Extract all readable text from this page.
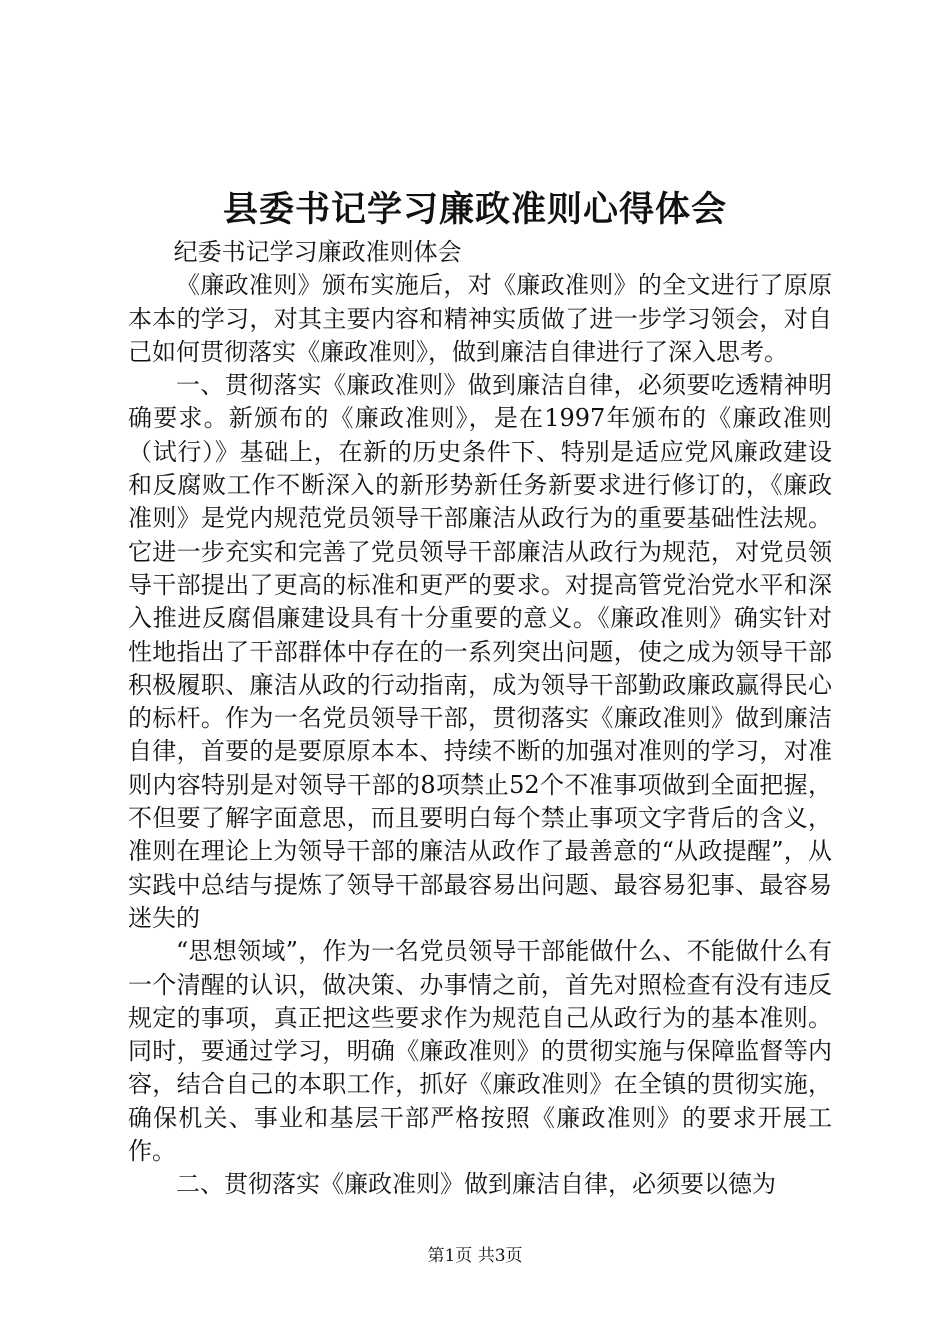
县委书记学习廉政准则心得体会

纪委书记学习廉政准则体会

《廉政准则》颁布实施后，对《廉政准则》的全文进行了原原本本的学习，对其主要内容和精神实质做了进一步学习领会，对自己如何贯彻落实《廉政准则》，做到廉洁自律进行了深入思考。

一、贯彻落实《廉政准则》做到廉洁自律，必须要吃透精神明确要求。新颁布的《廉政准则》，是在1997年颁布的《廉政准则（试行）》基础上，在新的历史条件下、特别是适应党风廉政建设和反腐败工作不断深入的新形势新任务新要求进行修订的，《廉政准则》是党内规范党员领导干部廉洁从政行为的重要基础性法规。它进一步充实和完善了党员领导干部廉洁从政行为规范，对党员领导干部提出了更高的标准和更严的要求。对提高管党治党水平和深入推进反腐倡廉建设具有十分重要的意义。《廉政准则》确实针对性地指出了干部群体中存在的一系列突出问题，使之成为领导干部积极履职、廉洁从政的行动指南，成为领导干部勤政廉政赢得民心的标杆。作为一名党员领导干部，贯彻落实《廉政准则》做到廉洁自律，首要的是要原原本本、持续不断的加强对准则的学习，对准则内容特别是对领导干部的8项禁止52个不准事项做到全面把握，不但要了解字面意思，而且要明白每个禁止事项文字背后的含义，准则在理论上为领导干部的廉洁从政作了最善意的“从政提醒”，从实践中总结与提炼了领导干部最容易出问题、最容易犯事、最容易迷失的

“思想领域”，作为一名党员领导干部能做什么、不能做什么有一个清醒的认识，做决策、办事情之前，首先对照检查有没有违反规定的事项，真正把这些要求作为规范自己从政行为的基本准则。同时，要通过学习，明确《廉政准则》的贯彻实施与保障监督等内容，结合自己的本职工作，抓好《廉政准则》在全镇的贯彻实施，确保机关、事业和基层干部严格按照《廉政准则》的要求开展工作。

二、贯彻落实《廉政准则》做到廉洁自律，必须要以德为

第1页 共3页
